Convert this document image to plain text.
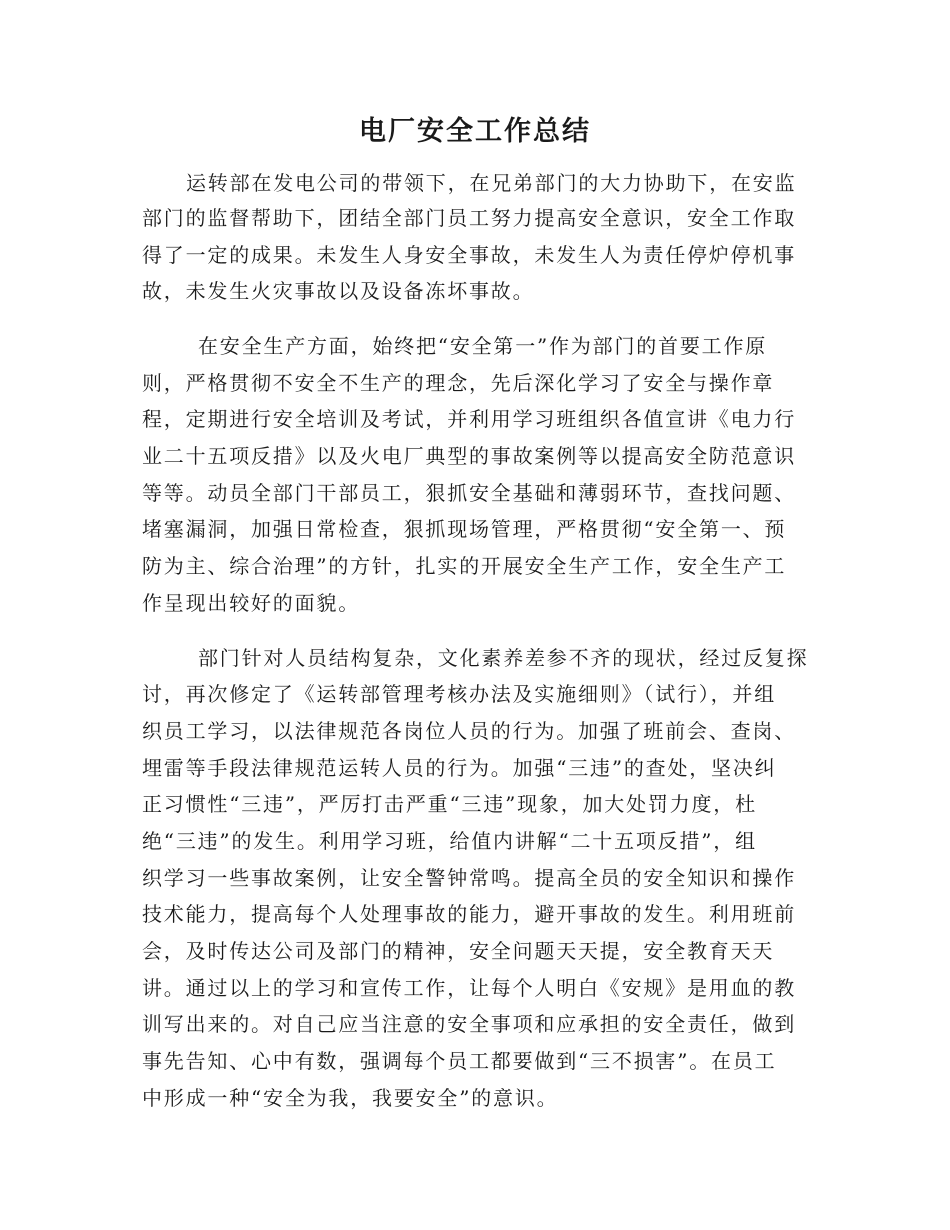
电厂安全工作总结
运转部在发电公司的带领下，在兄弟部门的大力协助下，在安监
部门的监督帮助下，团结全部门员工努力提高安全意识，安全工作取
得了一定的成果。未发生人身安全事故，未发生人为责任停炉停机事
故，未发生火灾事故以及设备冻坏事故。
在安全生产方面，始终把“安全第一”作为部门的首要工作原
则，严格贯彻不安全不生产的理念，先后深化学习了安全与操作章
程，定期进行安全培训及考试，并利用学习班组织各值宣讲《电力行
业二十五项反措》以及火电厂典型的事故案例等以提高安全防范意识
等等。动员全部门干部员工，狠抓安全基础和薄弱环节，查找问题、
堵塞漏洞，加强日常检查，狠抓现场管理，严格贯彻“安全第一、预
防为主、综合治理”的方针，扎实的开展安全生产工作，安全生产工
作呈现出较好的面貌。
部门针对人员结构复杂，文化素养差参不齐的现状，经过反复探
讨，再次修定了《运转部管理考核办法及实施细则》（试行），并组
织员工学习，以法律规范各岗位人员的行为。加强了班前会、查岗、
埋雷等手段法律规范运转人员的行为。加强“三违”的查处，坚决纠
正习惯性“三违”，严厉打击严重“三违”现象，加大处罚力度，杜
绝“三违”的发生。利用学习班，给值内讲解“二十五项反措”，组
织学习一些事故案例，让安全警钟常鸣。提高全员的安全知识和操作
技术能力，提高每个人处理事故的能力，避开事故的发生。利用班前
会，及时传达公司及部门的精神，安全问题天天提，安全教育天天
讲。通过以上的学习和宣传工作，让每个人明白《安规》是用血的教
训写出来的。对自己应当注意的安全事项和应承担的安全责任，做到
事先告知、心中有数，强调每个员工都要做到“三不损害”。在员工
中形成一种“安全为我，我要安全”的意识。
